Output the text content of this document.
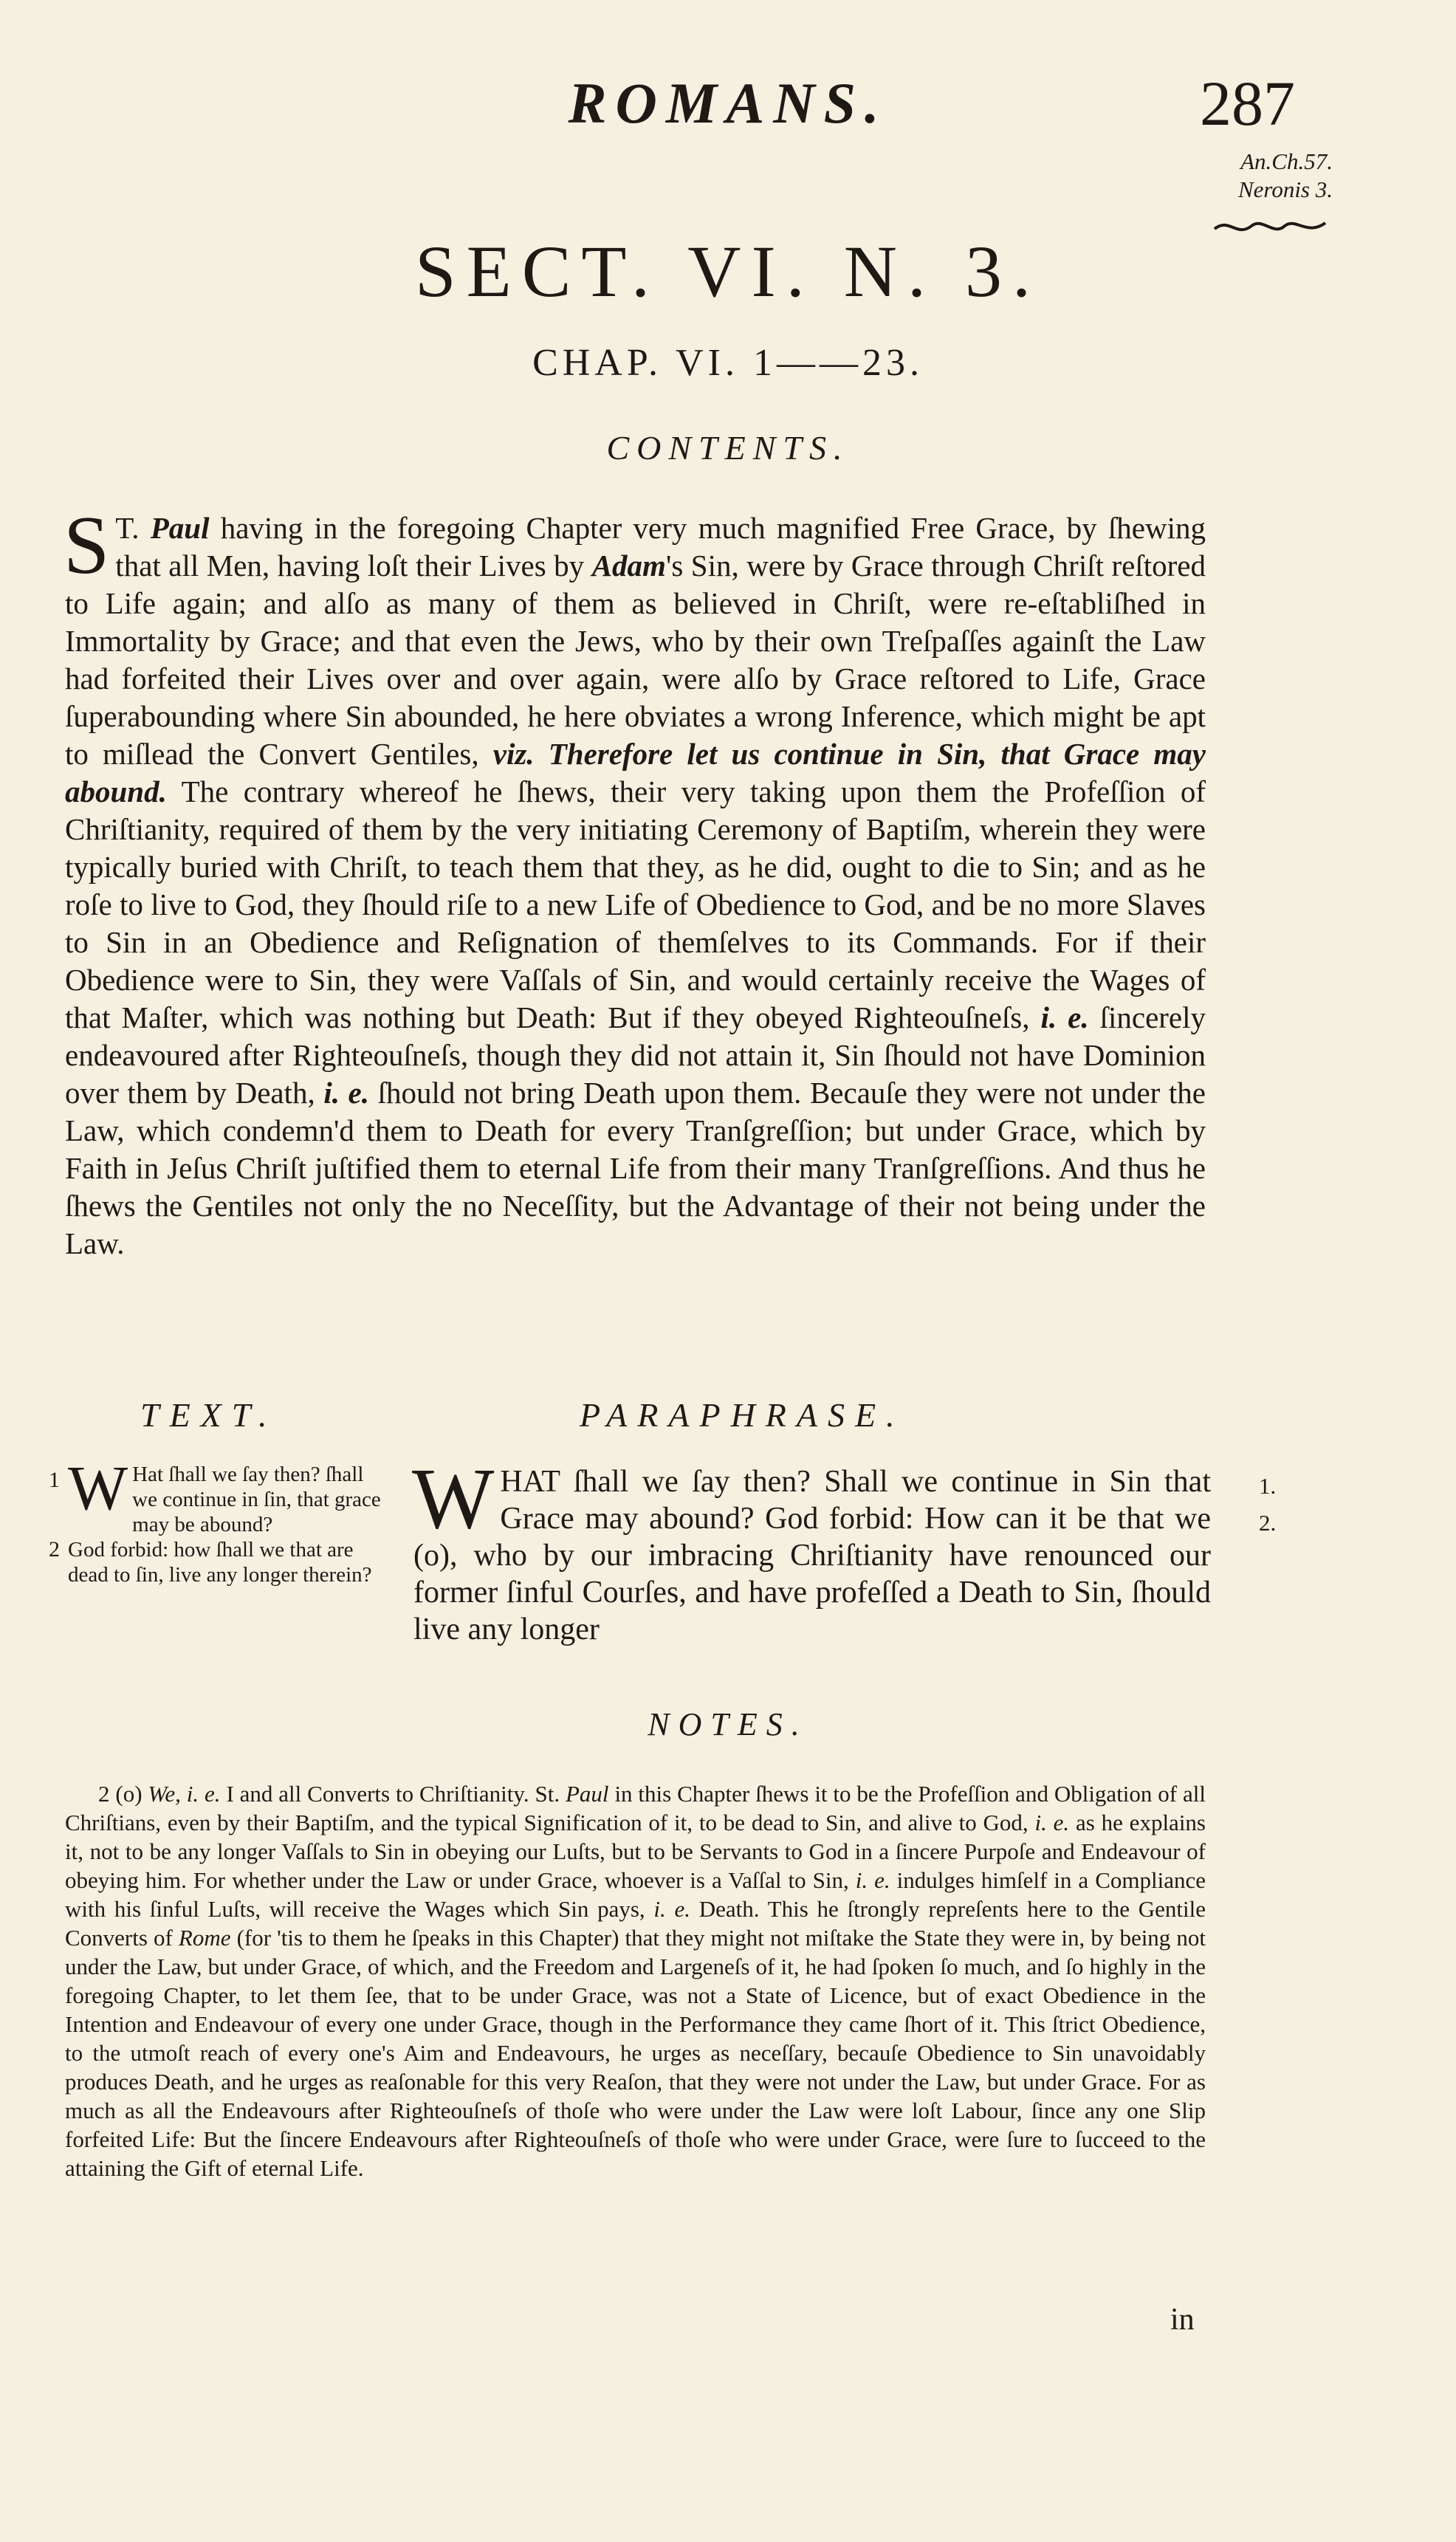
ROMANS.	287
An.Ch.57.
Neronis 3.
SECT. VI. N. 3.
CHAP. VI. 1——23.
CONTENTS.
S T. Paul having in the foregoing Chapter very much magnified Free Grace, by ſhewing that all Men, having loſt their Lives by Adam's Sin, were by Grace through Chriſt reſtored to Life again; and alſo as many of them as believed in Chriſt, were re-eſtabliſhed in Immortality by Grace; and that even the Jews, who by their own Treſpaſſes againſt the Law had forfeited their Lives over and over again, were alſo by Grace reſtored to Life, Grace ſuperabounding where Sin abounded, he here obviates a wrong Inference, which might be apt to miſlead the Convert Gentiles, viz. Therefore let us continue in Sin, that Grace may abound. The contrary whereof he ſhews, their very taking upon them the Profeſſion of Chriſtianity, required of them by the very initiating Ceremony of Baptiſm, wherein they were typically buried with Chriſt, to teach them that they, as he did, ought to die to Sin; and as he roſe to live to God, they ſhould riſe to a new Life of Obedience to God, and be no more Slaves to Sin in an Obedience and Reſignation of themſelves to its Commands. For if their Obedience were to Sin, they were Vaſſals of Sin, and would certainly receive the Wages of that Maſter, which was nothing but Death: But if they obeyed Righteouſneſs, i. e. ſincerely endeavoured after Righteouſneſs, though they did not attain it, Sin ſhould not have Dominion over them by Death, i. e. ſhould not bring Death upon them. Becauſe they were not under the Law, which condemn'd them to Death for every Tranſgreſſion; but under Grace, which by Faith in Jeſus Chriſt juſtified them to eternal Life from their many Tranſgreſſions. And thus he ſhews the Gentiles not only the no Neceſſity, but the Advantage of their not being under the Law.
TEXT.	PARAPHRASE.
1 W Hat ſhall we ſay then? ſhall we continue in ſin, that grace may be abound?
2 God forbid: how ſhall we that are dead to ſin, live any longer therein?
WHAT ſhall we ſay then? Shall we continue in Sin that Grace may abound? God forbid: How can it be that we (o), who by our imbracing Chriſtianity have renounced our former ſinful Courſes, and have profeſſed a Death to Sin, ſhould live any longer
1.
2.
NOTES.
2 (o) We, i. e. I and all Converts to Chriſtianity. St. Paul in this Chapter ſhews it to be the Profeſſion and Obligation of all Chriſtians, even by their Baptiſm, and the typical Signification of it, to be dead to Sin, and alive to God, i. e. as he explains it, not to be any longer Vaſſals to Sin in obeying our Luſts, but to be Servants to God in a ſincere Purpoſe and Endeavour of obeying him. For whether under the Law or under Grace, whoever is a Vaſſal to Sin, i. e. indulges himſelf in a Compliance with his ſinful Luſts, will receive the Wages which Sin pays, i. e. Death. This he ſtrongly repreſents here to the Gentile Converts of Rome (for 'tis to them he ſpeaks in this Chapter) that they might not miſtake the State they were in, by being not under the Law, but under Grace, of which, and the Freedom and Largeneſs of it, he had ſpoken ſo much, and ſo highly in the foregoing Chapter, to let them ſee, that to be under Grace, was not a State of Licence, but of exact Obedience in the Intention and Endeavour of every one under Grace, though in the Performance they came ſhort of it. This ſtrict Obedience, to the utmoſt reach of every one's Aim and Endeavours, he urges as neceſſary, becauſe Obedience to Sin unavoidably produces Death, and he urges as reaſonable for this very Reaſon, that they were not under the Law, but under Grace. For as much as all the Endeavours after Righteouſneſs of thoſe who were under the Law were loſt Labour, ſince any one Slip forfeited Life: But the ſincere Endeavours after Righteouſneſs of thoſe who were under Grace, were ſure to ſucceed to the attaining the Gift of eternal Life.
in
